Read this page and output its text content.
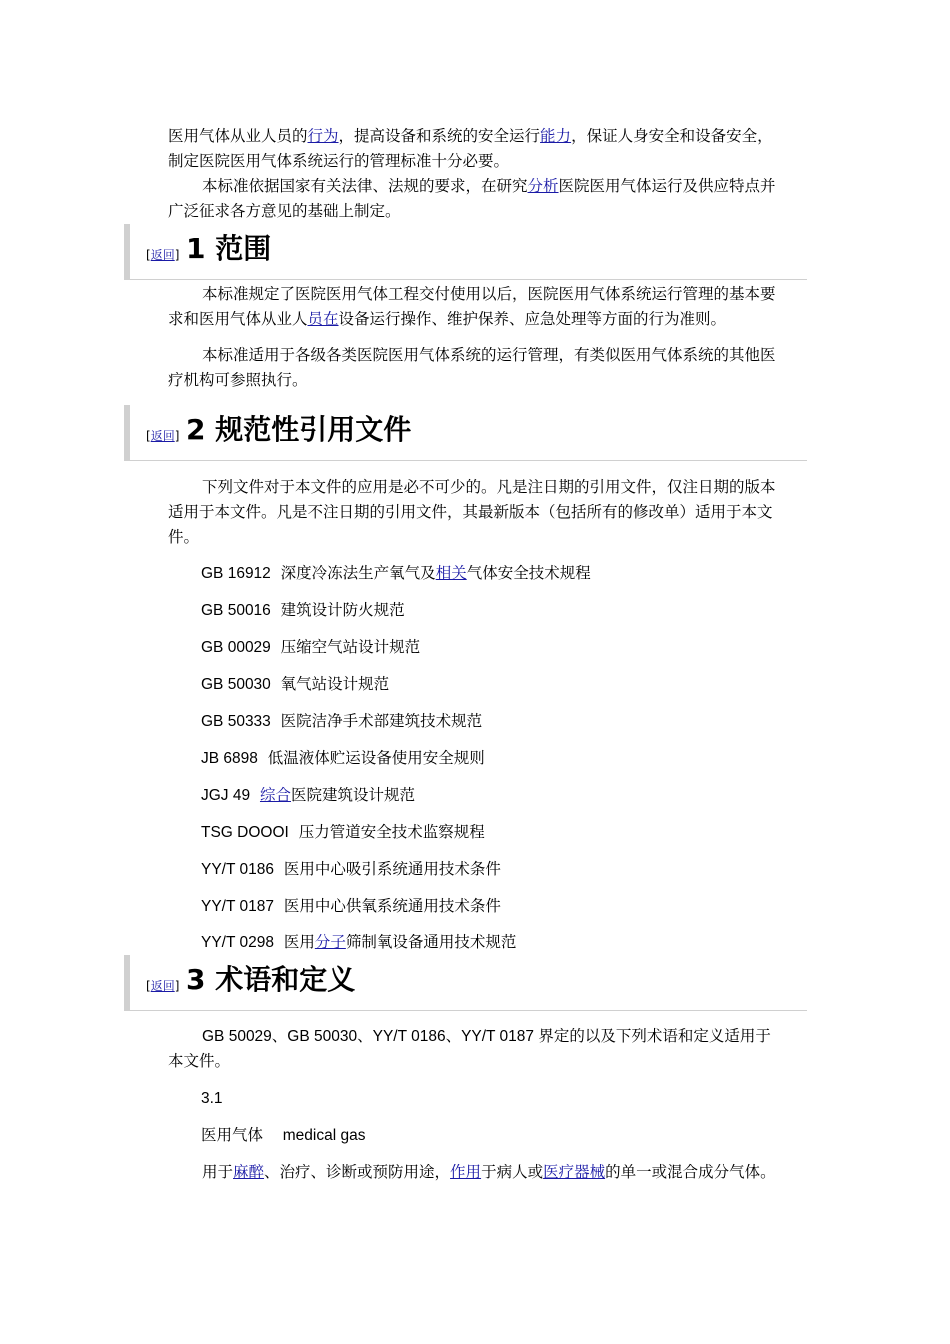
医用气体从业人员的行为，提高设备和系统的安全运行能力，保证人身安全和设备安全，制定医院医用气体系统运行的管理标准十分必要。

本标准依据国家有关法律、法规的要求，在研究分析医院医用气体运行及供应特点并广泛征求各方意见的基础上制定。

[返回] 1 范围

本标准规定了医院医用气体工程交付使用以后，医院医用气体系统运行管理的基本要求和医用气体从业人员在设备运行操作、维护保养、应急处理等方面的行为准则。

本标准适用于各级各类医院医用气体系统的运行管理，有类似医用气体系统的其他医疗机构可参照执行。

[返回] 2 规范性引用文件

下列文件对于本文件的应用是必不可少的。凡是注日期的引用文件，仅注日期的版本适用于本文件。凡是不注日期的引用文件，其最新版本（包括所有的修改单）适用于本文件。

GB 16912 深度冷冻法生产氧气及相关气体安全技术规程

GB 50016 建筑设计防火规范

GB 00029 压缩空气站设计规范

GB 50030 氧气站设计规范

GB 50333 医院洁净手术部建筑技术规范

JB 6898 低温液体贮运设备使用安全规则

JGJ 49 综合医院建筑设计规范

TSG DOOOI 压力管道安全技术监察规程

YY/T 0186 医用中心吸引系统通用技术条件

YY/T 0187 医用中心供氧系统通用技术条件

YY/T 0298 医用分子筛制氧设备通用技术规范

[返回] 3 术语和定义

GB 50029、GB 50030、YY/T 0186、YY/T 0187 界定的以及下列术语和定义适用于本文件。

3.1

医用气体 medical gas

用于麻醉、治疗、诊断或预防用途，作用于病人或医疗器械的单一或混合成分气体。
